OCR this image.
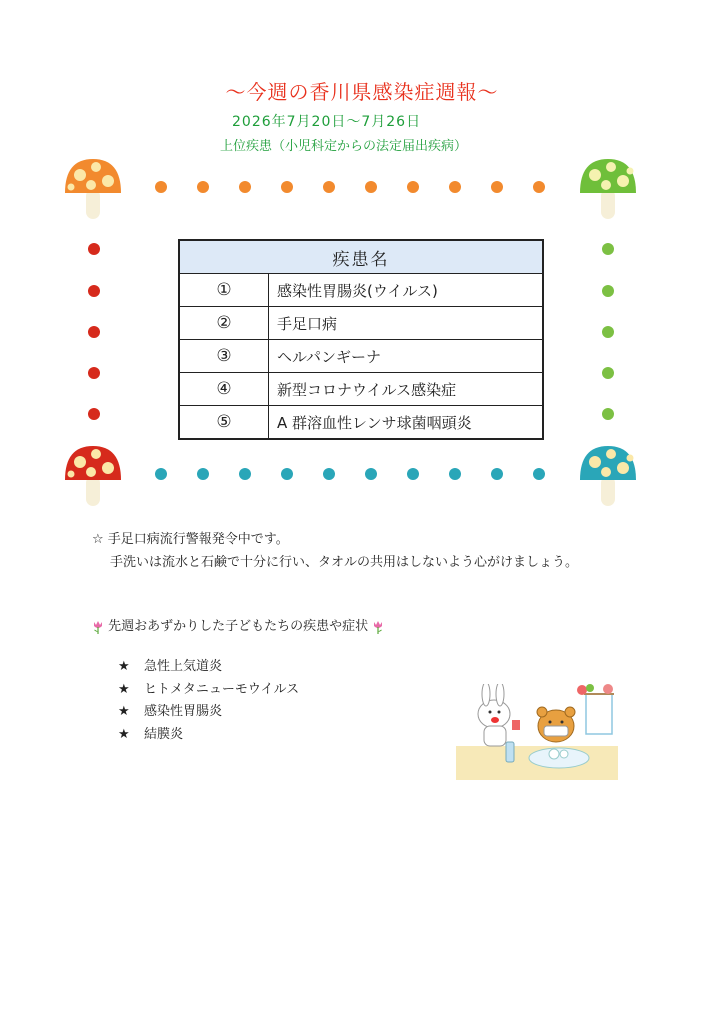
～今週の香川県感染症週報～
2026年7月20日～7月26日
上位疾患（小児科定からの法定届出疾病）
疾患名	
①	感染性胃腸炎(ウイルス)
②	手足口病
③	ヘルパンギーナ
④	新型コロナウイルス感染症
⑤	A 群溶血性レンサ球菌咽頭炎
☆ 手足口病流行警報発令中です。
手洗いは流水と石鹸で十分に行い、タオルの共用はしないよう心がけましょう。
先週おあずかりした子どもたちの疾患や症状
★ 急性上気道炎
★ ヒトメタニューモウイルス
★ 感染性胃腸炎
★ 結膜炎
